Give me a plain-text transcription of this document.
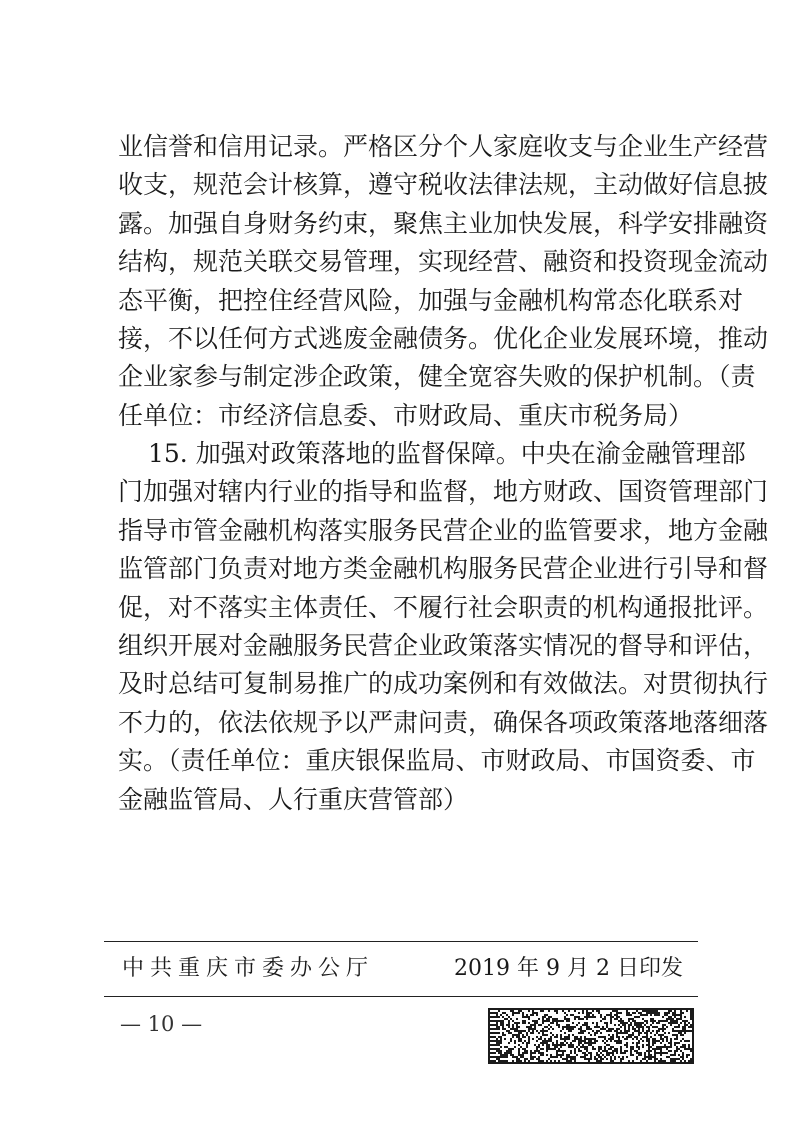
业信誉和信用记录。严格区分个人家庭收支与企业生产经营
收支，规范会计核算，遵守税收法律法规，主动做好信息披
露。加强自身财务约束，聚焦主业加快发展，科学安排融资
结构，规范关联交易管理，实现经营、融资和投资现金流动
态平衡，把控住经营风险，加强与金融机构常态化联系对
接，不以任何方式逃废金融债务。优化企业发展环境，推动
企业家参与制定涉企政策，健全宽容失败的保护机制。（责
任单位：市经济信息委、市财政局、重庆市税务局）
15. 加强对政策落地的监督保障。中央在渝金融管理部
门加强对辖内行业的指导和监督，地方财政、国资管理部门
指导市管金融机构落实服务民营企业的监管要求，地方金融
监管部门负责对地方类金融机构服务民营企业进行引导和督
促，对不落实主体责任、不履行社会职责的机构通报批评。
组织开展对金融服务民营企业政策落实情况的督导和评估，
及时总结可复制易推广的成功案例和有效做法。对贯彻执行
不力的，依法依规予以严肃问责，确保各项政策落地落细落
实。（责任单位：重庆银保监局、市财政局、市国资委、市
金融监管局、人行重庆营管部）
中共重庆市委办公厅	2019 年 9 月 2 日印发
— 10 —
